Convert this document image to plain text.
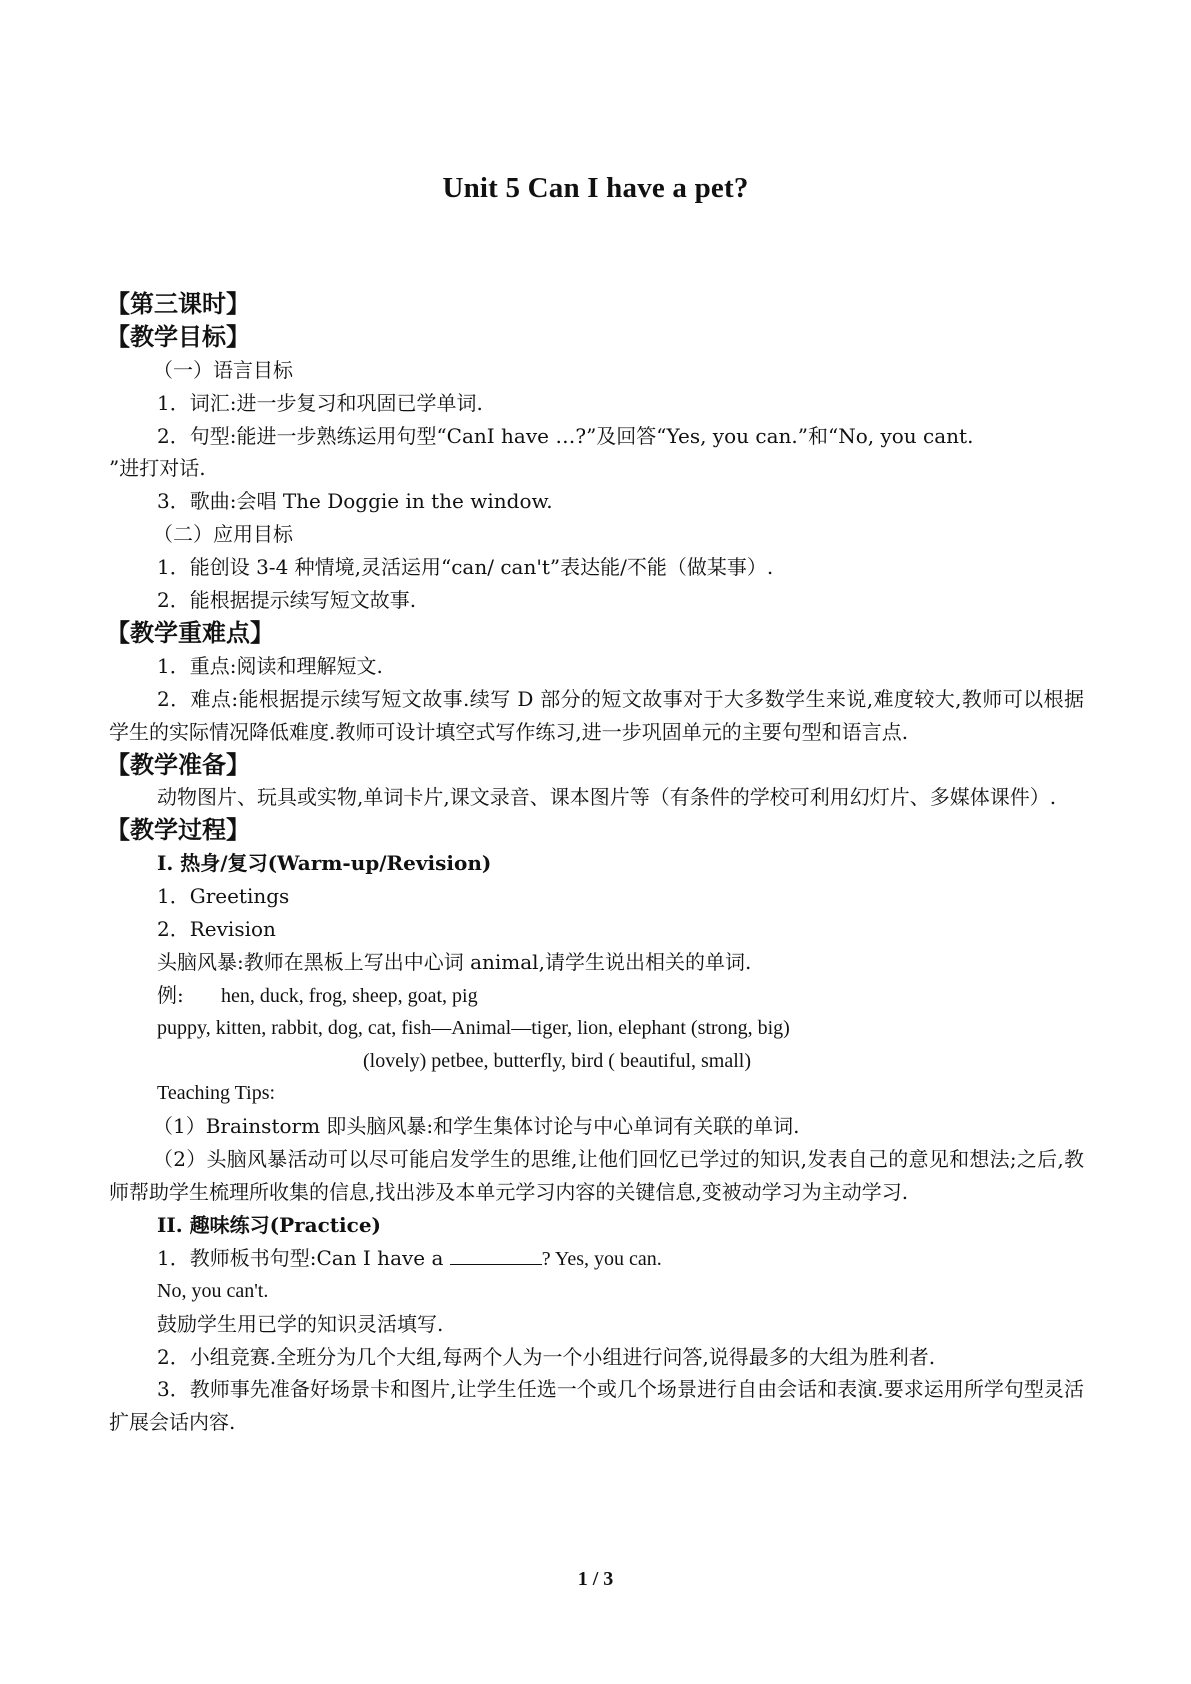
Unit 5 Can I have a pet?
【第三课时】
【教学目标】
（一）语言目标
1．词汇:进一步复习和巩固已学单词.
2．句型:能进一步熟练运用句型“CanI have …?”及回答“Yes, you can.”和“No, you cant.
”进打对话.
3．歌曲:会唱 The Doggie in the window.
（二）应用目标
1．能创设 3-4 种情境,灵活运用“can/ can't”表达能/不能（做某事）.
2．能根据提示续写短文故事.
【教学重难点】
1．重点:阅读和理解短文.
2．难点:能根据提示续写短文故事.续写 D 部分的短文故事对于大多数学生来说,难度较大,教师可以根据学生的实际情况降低难度.教师可设计填空式写作练习,进一步巩固单元的主要句型和语言点.
【教学准备】
动物图片、玩具或实物,单词卡片,课文录音、课本图片等（有条件的学校可利用幻灯片、多媒体课件）.
【教学过程】
I. 热身/复习(Warm-up/Revision)
1．Greetings
2．Revision
头脑风暴:教师在黑板上写出中心词 animal,请学生说出相关的单词.
例: hen, duck, frog, sheep, goat, pig
puppy, kitten, rabbit, dog, cat, fish—Animal—tiger, lion, elephant (strong, big)
(lovely) petbee, butterfly, bird ( beautiful, small)
Teaching Tips:
（1）Brainstorm 即头脑风暴:和学生集体讨论与中心单词有关联的单词.
（2）头脑风暴活动可以尽可能启发学生的思维,让他们回忆已学过的知识,发表自己的意见和想法;之后,教师帮助学生梳理所收集的信息,找出涉及本单元学习内容的关键信息,变被动学习为主动学习.
II. 趣味练习(Practice)
1．教师板书句型:Can I have a	? Yes, you can.
No, you can't.
鼓励学生用已学的知识灵活填写.
2．小组竞赛.全班分为几个大组,每两个人为一个小组进行问答,说得最多的大组为胜利者.
3．教师事先准备好场景卡和图片,让学生任选一个或几个场景进行自由会话和表演.要求运用所学句型灵活扩展会话内容.
1 / 3
